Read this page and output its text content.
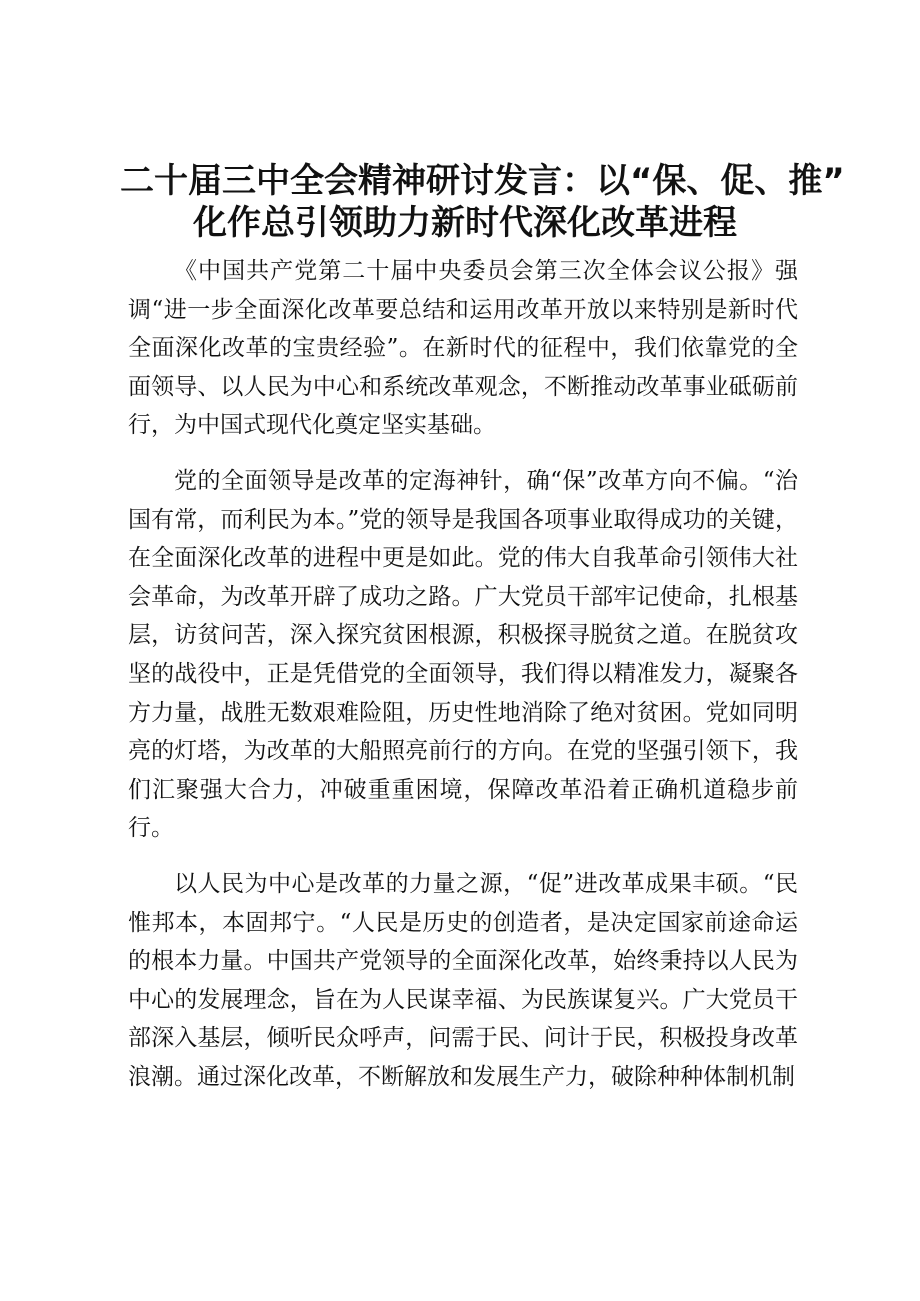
二十届三中全会精神研讨发言：以“保、促、推”
化作总引领助力新时代深化改革进程

《中国共产党第二十届中央委员会第三次全体会议公报》强调“进一步全面深化改革要总结和运用改革开放以来特别是新时代全面深化改革的宝贵经验”。在新时代的征程中，我们依靠党的全面领导、以人民为中心和系统改革观念，不断推动改革事业砥砺前行，为中国式现代化奠定坚实基础。

党的全面领导是改革的定海神针，确“保”改革方向不偏。“治国有常，而利民为本。”党的领导是我国各项事业取得成功的关键，在全面深化改革的进程中更是如此。党的伟大自我革命引领伟大社会革命，为改革开辟了成功之路。广大党员干部牢记使命，扎根基层，访贫问苦，深入探究贫困根源，积极探寻脱贫之道。在脱贫攻坚的战役中，正是凭借党的全面领导，我们得以精准发力，凝聚各方力量，战胜无数艰难险阻，历史性地消除了绝对贫困。党如同明亮的灯塔，为改革的大船照亮前行的方向。在党的坚强引领下，我们汇聚强大合力，冲破重重困境，保障改革沿着正确机道稳步前行。

以人民为中心是改革的力量之源，“促”进改革成果丰硕。“民惟邦本，本固邦宁。“人民是历史的创造者，是决定国家前途命运的根本力量。中国共产党领导的全面深化改革，始终秉持以人民为中心的发展理念，旨在为人民谋幸福、为民族谋复兴。广大党员干部深入基层，倾听民众呼声，问需于民、问计于民，积极投身改革浪潮。通过深化改革，不断解放和发展生产力，破除种种体制机制
